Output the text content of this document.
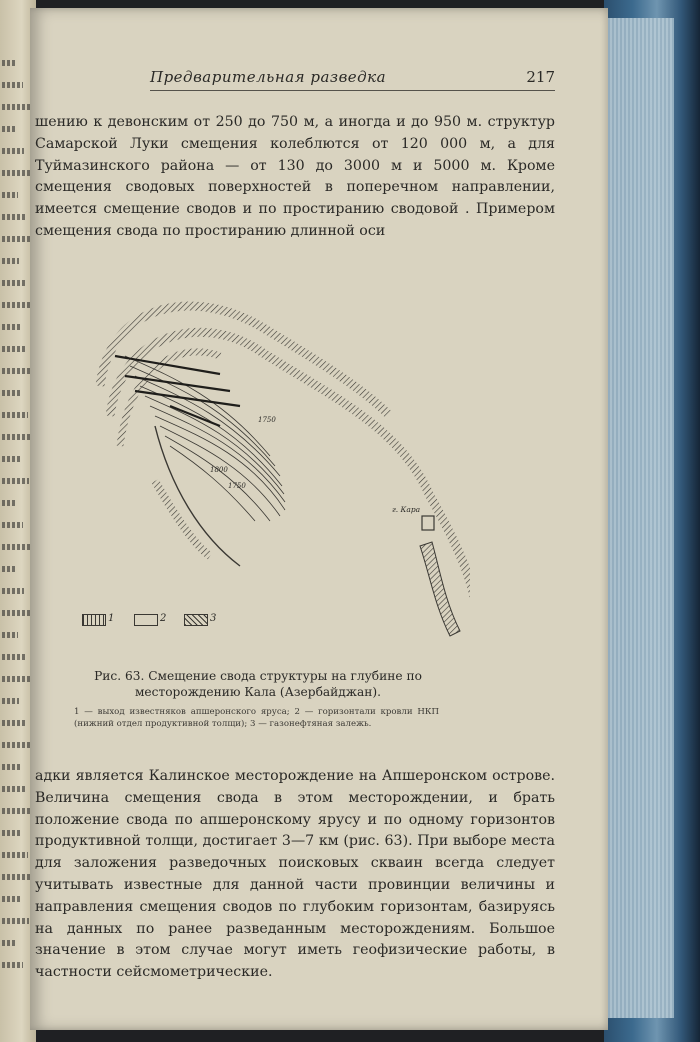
Предварительная разведка	217

шению к девонским от 250 до 750 м, а иногда и до 950 м. структур Самарской Луки смещения колеблются от 120 000 м, а для Туймазинского района — от 130 до 3000 м и 5000 м. Кроме смещения сводовых поверхностей в поперечном направлении, имеется смещение сводов и по простиранию сводовой . Примером смещения свода по простиранию длинной оси

г. Кара
1750
1800
1750
1	2	3
Рис. 63. Смещение свода структуры на глубине по месторождению Кала (Азербайджан).
1 — выход известняков апшеронского яруса; 2 — горизонтали кровли НКП (нижний отдел продуктивной толщи); 3 — газонефтяная залежь.

адки является Калинское месторождение на Апшеронском острове. Величина смещения свода в этом месторождении, и брать положение свода по апшеронскому ярусу и по одному горизонтов продуктивной толщи, достигает 3—7 км (рис. 63). При выборе места для заложения разведочных поисковых скваин всегда следует учитывать известные для данной части провинции величины и направления смещения сводов по глубоким горизонтам, базируясь на данных по ранее разведанным месторождениям. Большое значение в этом случае могут иметь геофизические работы, в частности сейсмометрические.
